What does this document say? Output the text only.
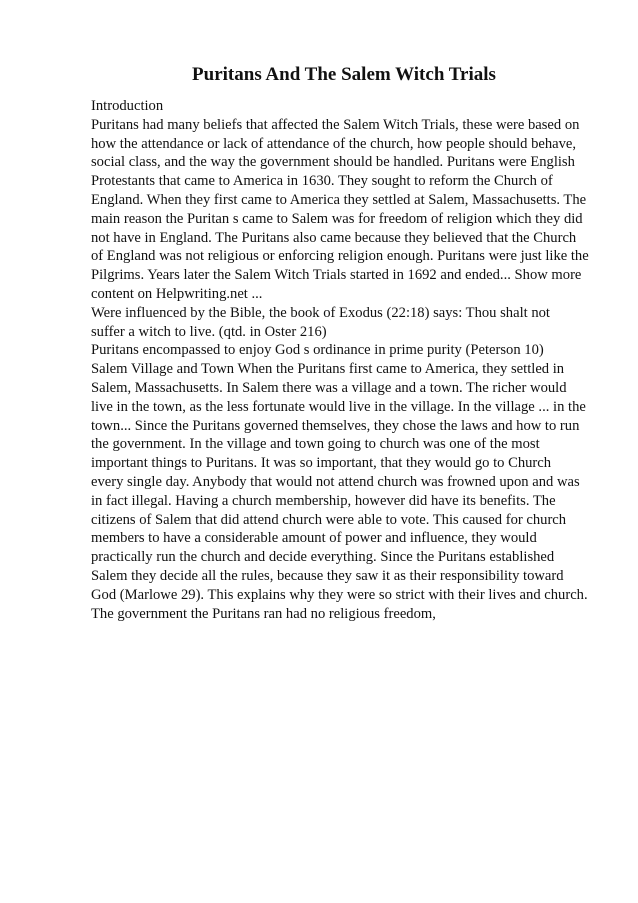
Puritans And The Salem Witch Trials
Introduction
Puritans had many beliefs that affected the Salem Witch Trials, these were based on
how the attendance or lack of attendance of the church, how people should behave,
social class, and the way the government should be handled. Puritans were English
Protestants that came to America in 1630. They sought to reform the Church of
England. When they first came to America they settled at Salem, Massachusetts. The
main reason the Puritan s came to Salem was for freedom of religion which they did
not have in England. The Puritans also came because they believed that the Church
of England was not religious or enforcing religion enough. Puritans were just like the
Pilgrims. Years later the Salem Witch Trials started in 1692 and ended... Show more
content on Helpwriting.net ...
Were influenced by the Bible, the book of Exodus (22:18) says: Thou shalt not
suffer a witch to live. (qtd. in Oster 216)
Puritans encompassed to enjoy God s ordinance in prime purity (Peterson 10)
Salem Village and Town When the Puritans first came to America, they settled in
Salem, Massachusetts. In Salem there was a village and a town. The richer would
live in the town, as the less fortunate would live in the village. In the village ... in the
town... Since the Puritans governed themselves, they chose the laws and how to run
the government. In the village and town going to church was one of the most
important things to Puritans. It was so important, that they would go to Church
every single day. Anybody that would not attend church was frowned upon and was
in fact illegal. Having a church membership, however did have its benefits. The
citizens of Salem that did attend church were able to vote. This caused for church
members to have a considerable amount of power and influence, they would
practically run the church and decide everything. Since the Puritans established
Salem they decide all the rules, because they saw it as their responsibility toward
God (Marlowe 29). This explains why they were so strict with their lives and church.
The government the Puritans ran had no religious freedom,
